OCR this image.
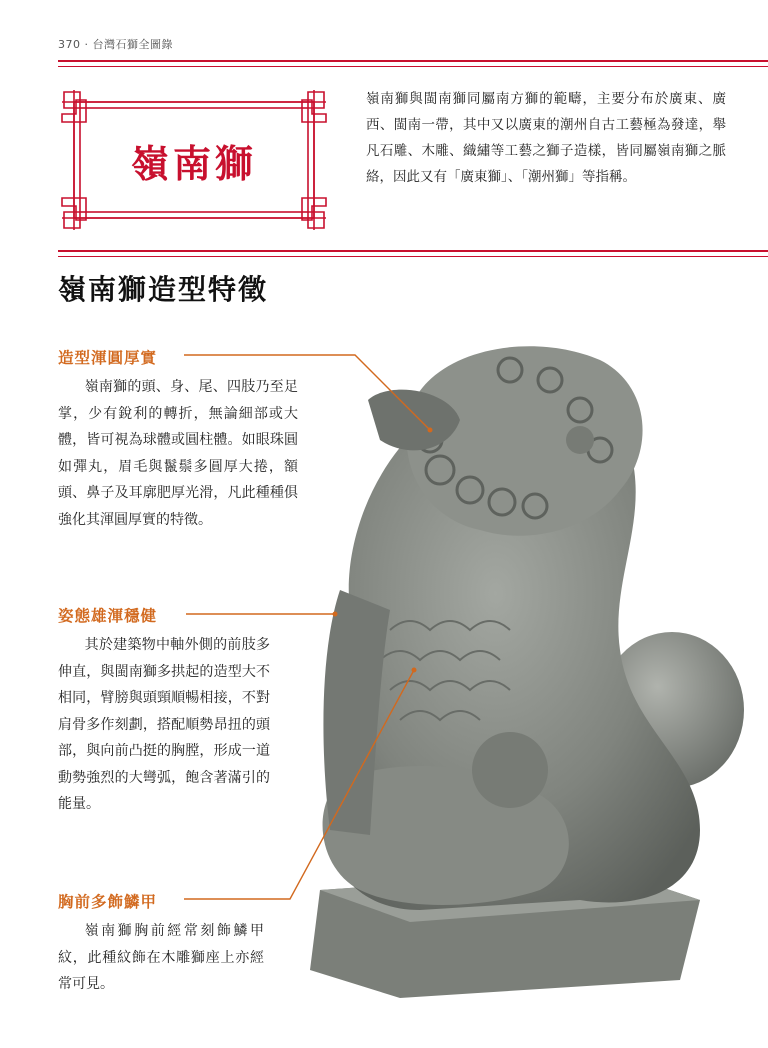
370 · 台灣石獅全圖錄
嶺南獅
嶺南獅與閩南獅同屬南方獅的範疇，主要分布於廣東、廣西、閩南一帶，其中又以廣東的潮州自古工藝極為發達，舉凡石雕、木雕、織繡等工藝之獅子造樣，皆同屬嶺南獅之脈絡，因此又有「廣東獅」、「潮州獅」等指稱。
嶺南獅造型特徵
造型渾圓厚實
嶺南獅的頭、身、尾、四肢乃至足掌，少有銳利的轉折，無論細部或大體，皆可視為球體或圓柱體。如眼珠圓如彈丸，眉毛與鬣鬃多圓厚大捲，額頭、鼻子及耳廓肥厚光滑，凡此種種俱強化其渾圓厚實的特徵。
姿態雄渾穩健
其於建築物中軸外側的前肢多伸直，與閩南獅多拱起的造型大不相同，臂膀與頭頸順暢相接，不對肩骨多作刻劃，搭配順勢昂扭的頭部，與向前凸挺的胸膛，形成一道動勢強烈的大彎弧，飽含著滿引的能量。
胸前多飾鱗甲
嶺南獅胸前經常刻飾鱗甲紋，此種紋飾在木雕獅座上亦經常可見。
